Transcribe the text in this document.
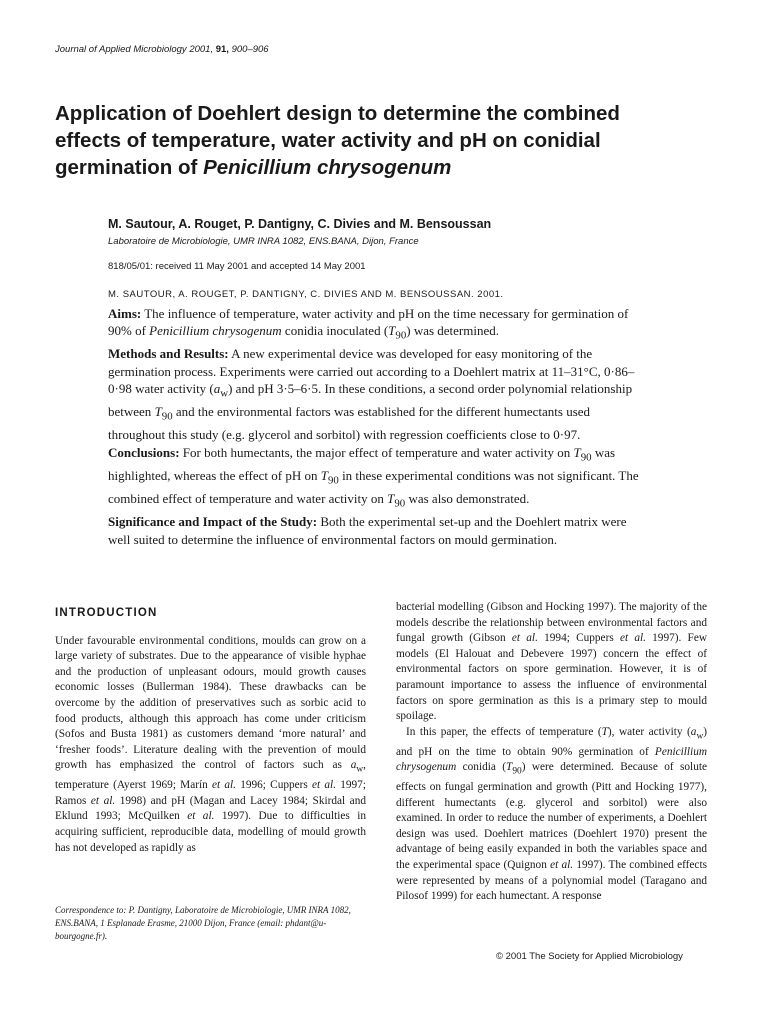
Journal of Applied Microbiology 2001, 91, 900–906
Application of Doehlert design to determine the combined
effects of temperature, water activity and pH on conidial
germination of Penicillium chrysogenum
M. Sautour, A. Rouget, P. Dantigny, C. Divies and M. Bensoussan
Laboratoire de Microbiologie, UMR INRA 1082, ENS.BANA, Dijon, France
818/05/01: received 11 May 2001 and accepted 14 May 2001
M. SAUTOUR, A. ROUGET, P. DANTIGNY, C. DIVIES AND M. BENSOUSSAN. 2001.

Aims: The influence of temperature, water activity and pH on the time necessary for germination of 90% of Penicillium chrysogenum conidia inoculated $(T_{90})$ was determined.

Methods and Results: A new experimental device was developed for easy monitoring of the germination process. Experiments were carried out according to a Doehlert matrix at 11–31°C, 0·86–0·98 water activity $(a_w)$ and pH 3·5–6·5. In these conditions, a second order polynomial relationship between $T_{90}$ and the environmental factors was established for the different humectants used throughout this study (e.g. glycerol and sorbitol) with regression coefficients close to 0·97.

Conclusions: For both humectants, the major effect of temperature and water activity on $T_{90}$ was highlighted, whereas the effect of pH on $T_{90}$ in these experimental conditions was not significant. The combined effect of temperature and water activity on $T_{90}$ was also demonstrated.

Significance and Impact of the Study: Both the experimental set-up and the Doehlert matrix were well suited to determine the influence of environmental factors on mould germination.

INTRODUCTION

Under favourable environmental conditions, moulds can grow on a large variety of substrates. Due to the appearance of visible hyphae and the production of unpleasant odours, mould growth causes economic losses (Bullerman 1984). These drawbacks can be overcome by the addition of preservatives such as sorbic acid to food products, although this approach has come under criticism (Sofos and Busta 1981) as customers demand ‘more natural’ and ‘fresher foods’. Literature dealing with the prevention of mould growth has emphasized the control of factors such as $a_w$, temperature (Ayerst 1969; Marín et al. 1996; Cuppers et al. 1997; Ramos et al. 1998) and pH (Magan and Lacey 1984; Skirdal and Eklund 1993; McQuilken et al. 1997). Due to difficulties in acquiring sufficient, reproducible data, modelling of mould growth has not developed as rapidly as

bacterial modelling (Gibson and Hocking 1997). The majority of the models describe the relationship between environmental factors and fungal growth (Gibson et al. 1994; Cuppers et al. 1997). Few models (El Halouat and Debevere 1997) concern the effect of environmental factors on spore germination. However, it is of paramount importance to assess the influence of environmental factors on spore germination as this is a primary step to mould spoilage.

In this paper, the effects of temperature (T), water activity $(a_w)$ and pH on the time to obtain 90% germination of Penicillium chrysogenum conidia $(T_{90})$ were determined. Because of solute effects on fungal germination and growth (Pitt and Hocking 1977), different humectants (e.g. glycerol and sorbitol) were also examined. In order to reduce the number of experiments, a Doehlert design was used. Doehlert matrices (Doehlert 1970) present the advantage of being easily expanded in both the variables space and the experimental space (Quignon et al. 1997). The combined effects were represented by means of a polynomial model (Taragano and Pilosof 1999) for each humectant. A response

Correspondence to: P. Dantigny, Laboratoire de Microbiologie, UMR INRA 1082, ENS.BANA, 1 Esplanade Erasme, 21000 Dijon, France (email: phdant@u-bourgogne.fr).
© 2001 The Society for Applied Microbiology
